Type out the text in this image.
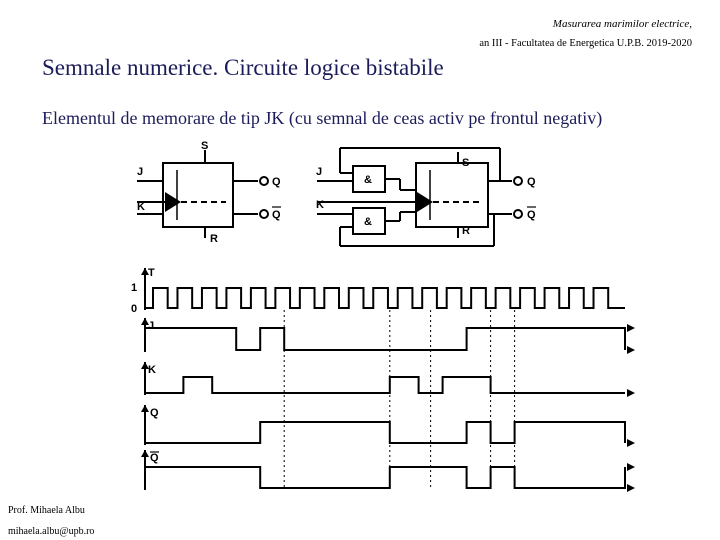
Masurarea marimilor electrice,
an III - Facultatea de Energetica U.P.B. 2019-2020
Semnale numerice. Circuite logice bistabile
Elementul de memorare de tip JK (cu semnal de ceas activ pe frontul negativ)
Prof. Mihaela Albu
mihaela.albu@upb.ro
S
R
J
K
Q
Q
&
&
S
R
J
K
Q
Q
T
1
0
J
K
Q
Q
